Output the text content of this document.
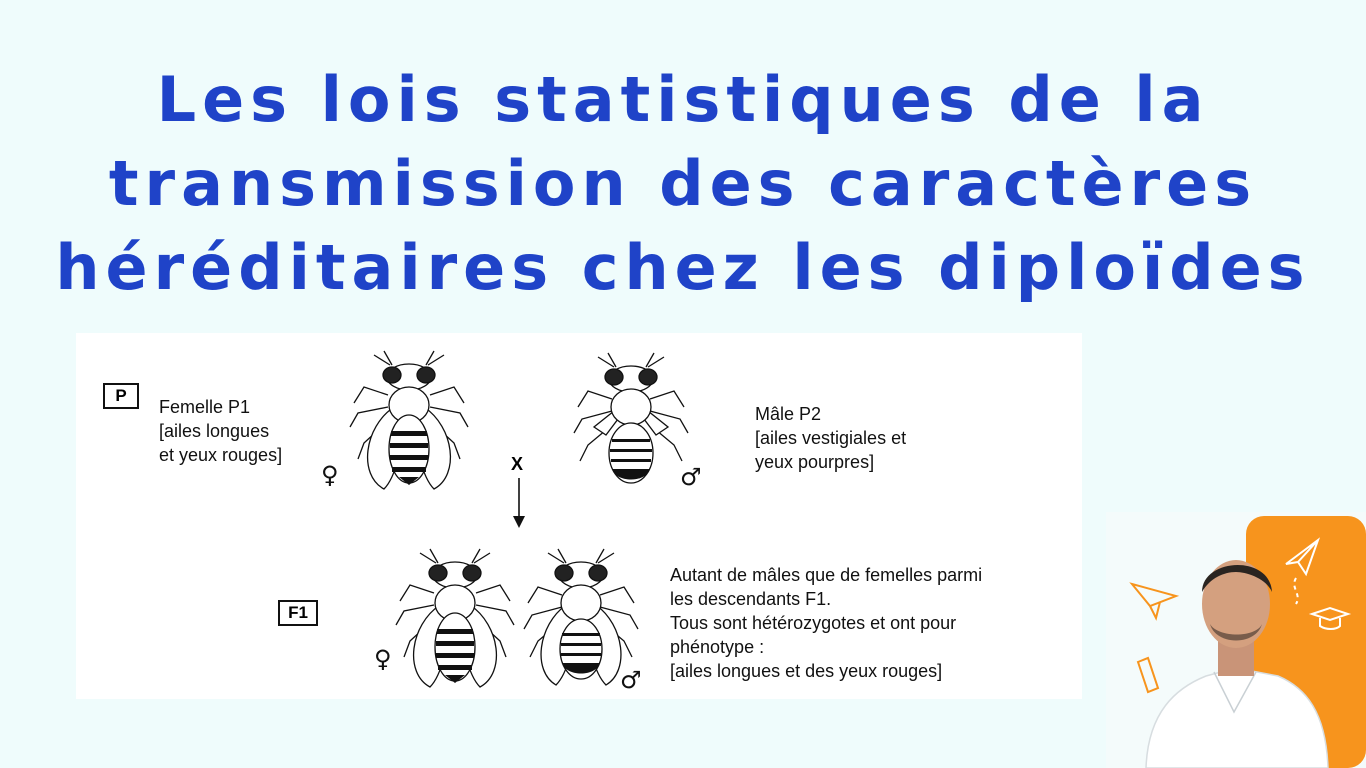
Les lois statistiques de la
transmission des caractères
héréditaires chez les diploïdes
P
Femelle P1
[ailes longues
et yeux rouges]
♀	♂
Mâle P2
[ailes vestigiales et
yeux pourpres]
X
F1
♀
♂
Autant de mâles que de femelles parmi
les descendants F1.
Tous sont hétérozygotes et ont pour
phénotype :
[ailes longues et des yeux rouges]
